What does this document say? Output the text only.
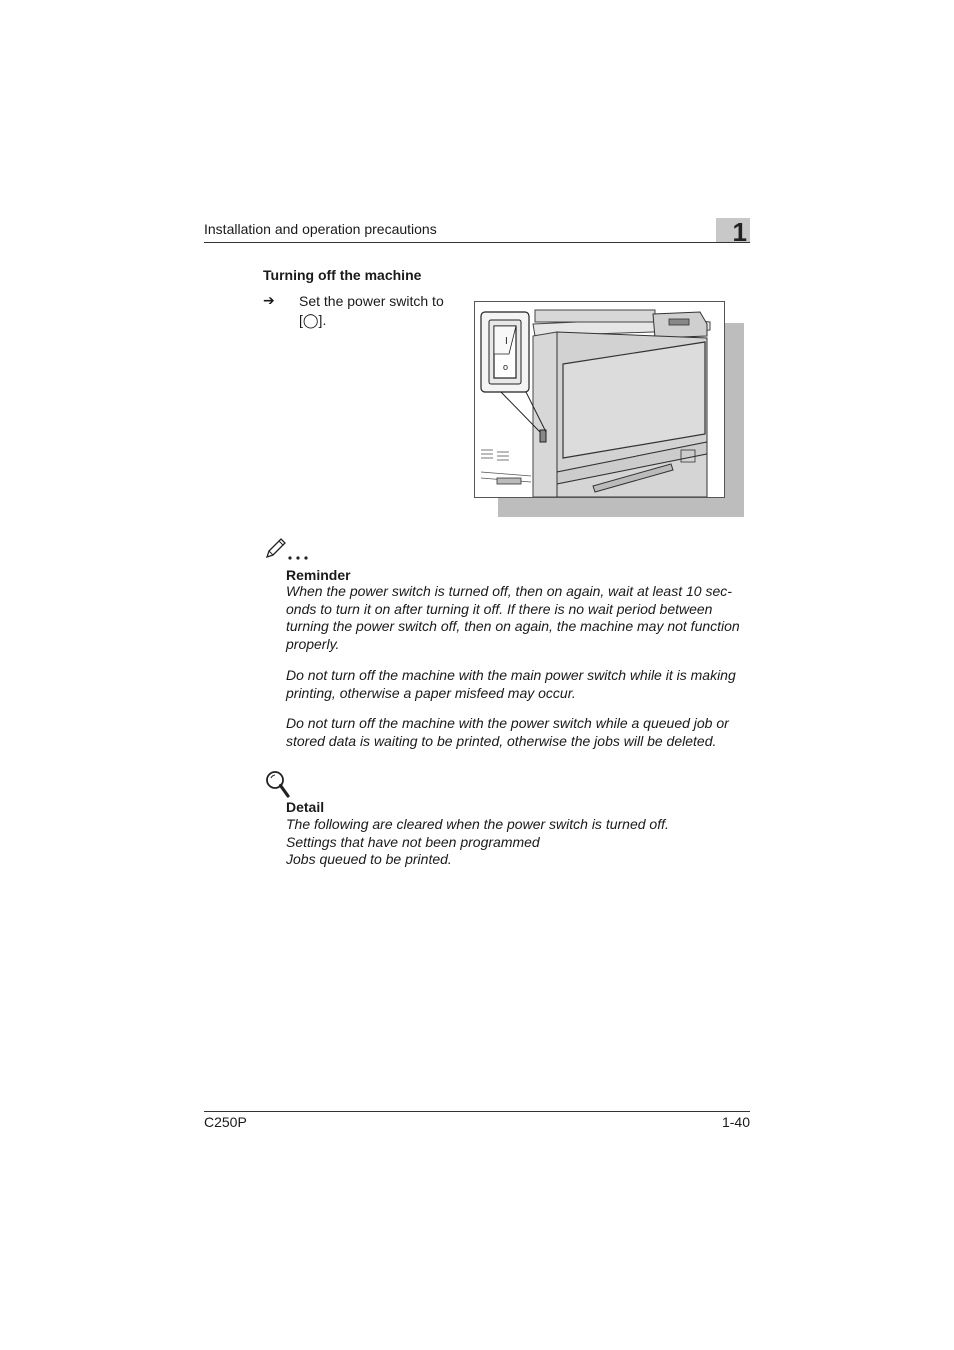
Installation and operation precautions	1
Turning off the machine
➔ Set the power switch to [◯].
I
o
Reminder
When the power switch is turned off, then on again, wait at least 10 sec-onds to turn it on after turning it off. If there is no wait period between turning the power switch off, then on again, the machine may not function properly.
Do not turn off the machine with the main power switch while it is making printing, otherwise a paper misfeed may occur.
Do not turn off the machine with the power switch while a queued job or stored data is waiting to be printed, otherwise the jobs will be deleted.
Detail
The following are cleared when the power switch is turned off.
Settings that have not been programmed
Jobs queued to be printed.
C250P	1-40
